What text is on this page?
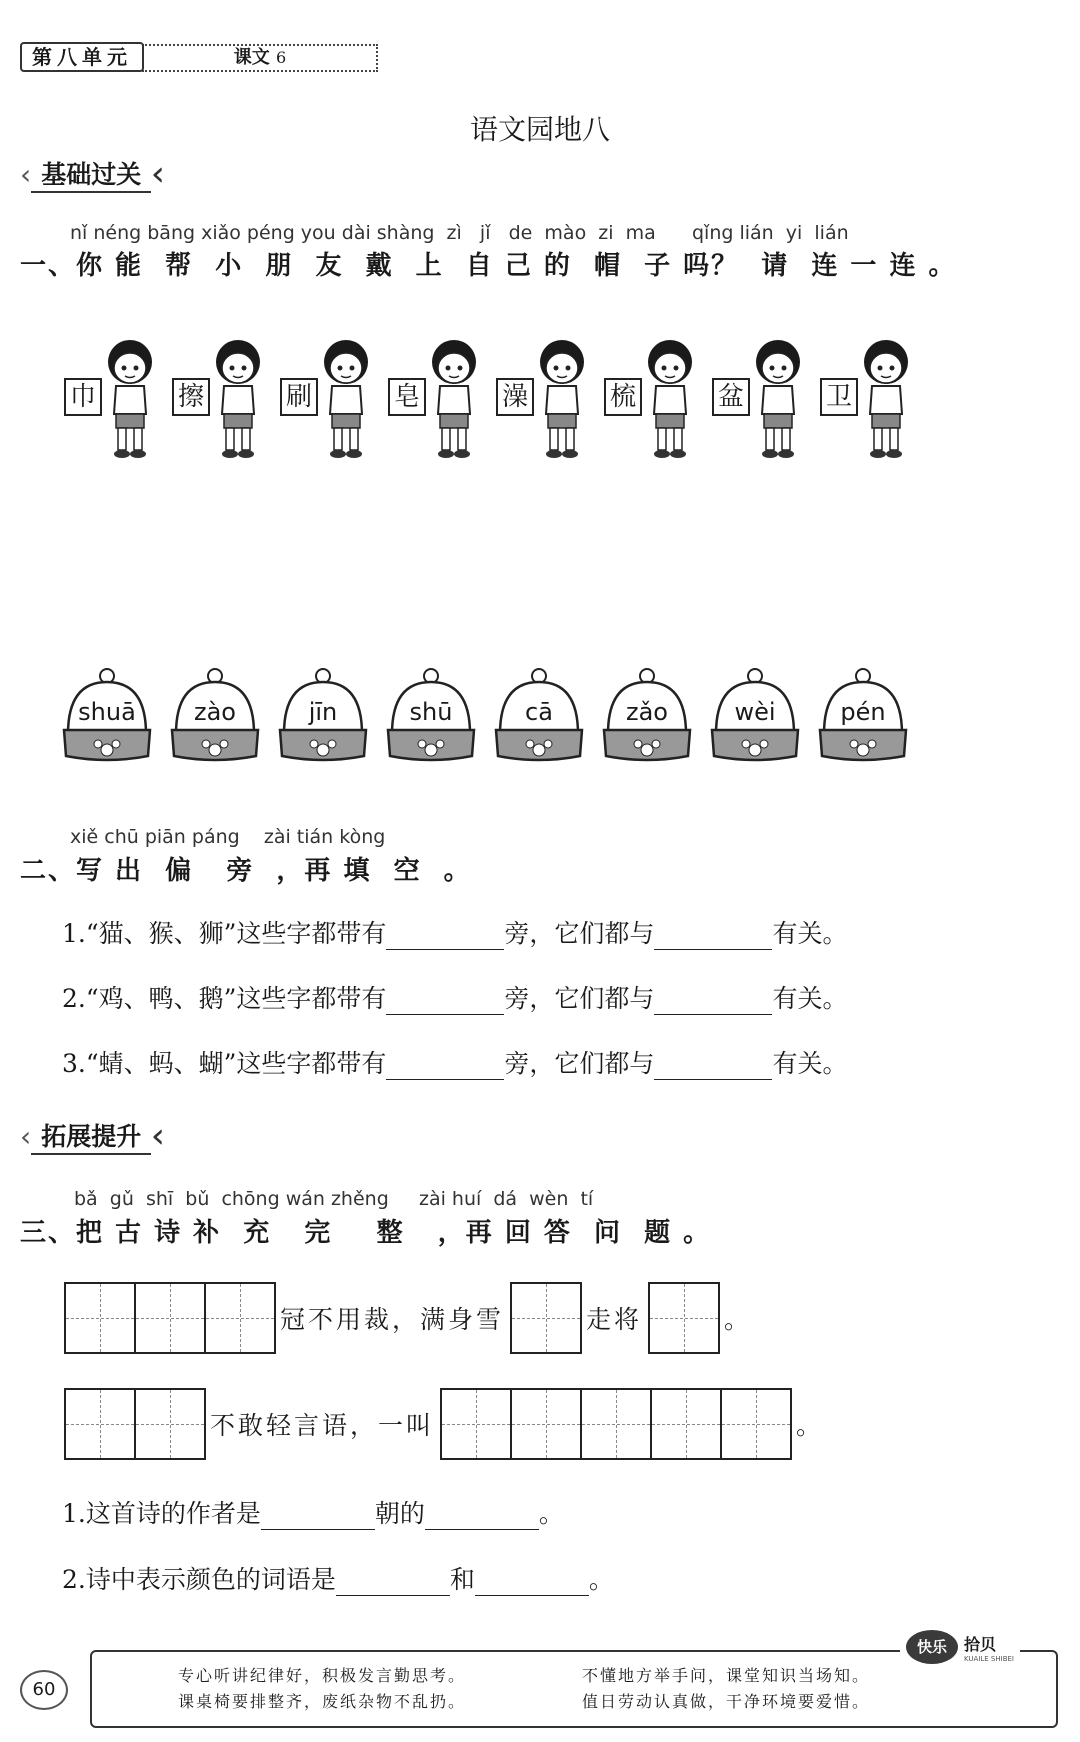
第八单元	课文 6
语文园地八
‹ 基础过关
nǐ néng bāng xiǎo péng you dài shàng  zì   jǐ   de  mào  zi  ma      qǐng lián  yi  lián
一、你 能  帮  小  朋  友  戴  上  自 己 的  帽  子 吗？  请  连 一 连 。
巾	擦	刷	皂	澡	梳	盆	卫
shuā	zào	jīn	shū	cā	zǎo	wèi	pén
xiě chū piān páng    zài tián kòng
二、写 出  偏   旁  ，再 填  空  。
1.“猫、猴、狮”这些字都带有	旁，它们都与	有关。
2.“鸡、鸭、鹅”这些字都带有	旁，它们都与	有关。
3.“蜻、蚂、蝴”这些字都带有	旁，它们都与	有关。
‹ 拓展提升
bǎ  gǔ  shī  bǔ  chōng wán zhěng     zài huí  dá  wèn  tí
三、把 古 诗 补  充   完    整   ，再 回 答  问  题 。
冠不用裁，满身雪	走将	。
不敢轻言语，一叫	。
1.这首诗的作者是	朝的	。
2.诗中表示颜色的词语是	和	。
60
专心听讲纪律好，积极发言勤思考。
课桌椅要排整齐，废纸杂物不乱扔。
不懂地方举手问，课堂知识当场知。
值日劳动认真做，干净环境要爱惜。
快乐	拾贝
KUAILE SHIBEI
